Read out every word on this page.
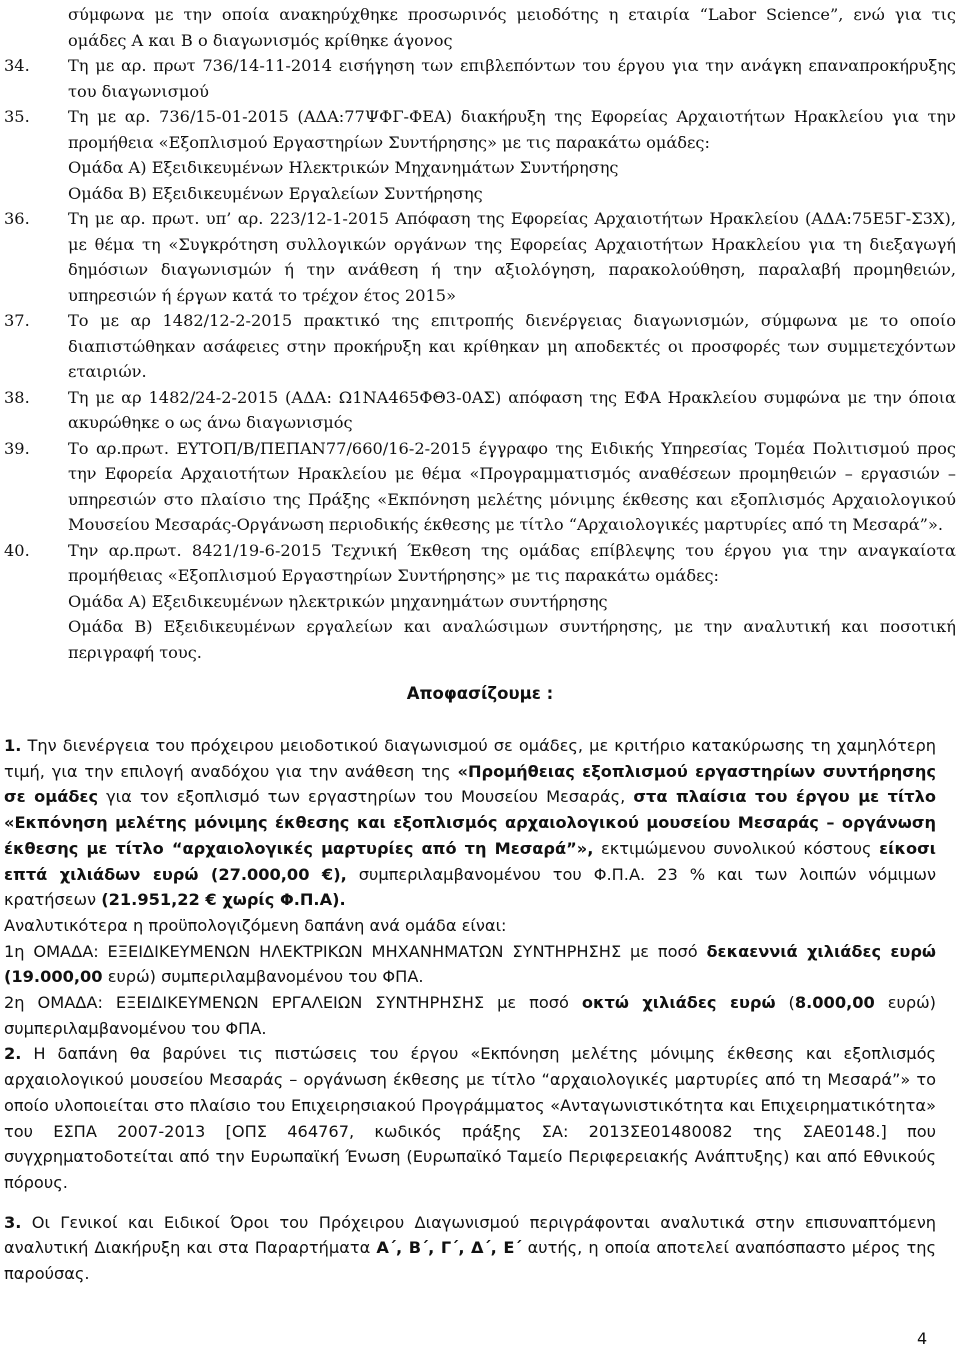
σύμφωνα με την οποία ανακηρύχθηκε προσωρινός μειοδότης η εταιρία “Labor Science”, ενώ για τις ομάδες Α και Β ο διαγωνισμός κρίθηκε άγονος
34.	Τη με αρ. πρωτ 736/14-11-2014 εισήγηση των επιβλεπόντων του έργου για την ανάγκη επαναπροκήρυξης του διαγωνισμού
35.	Τη με αρ. 736/15-01-2015 (ΑΔΑ:77ΨΦΓ-ΦΕΑ) διακήρυξη της Εφορείας Αρχαιοτήτων Ηρακλείου για την προμήθεια «Εξοπλισμού Εργαστηρίων Συντήρησης» με τις παρακάτω ομάδες:
Ομάδα Α) Εξειδικευμένων Ηλεκτρικών Μηχανημάτων Συντήρησης
Ομάδα Β) Εξειδικευμένων Εργαλείων Συντήρησης
36.	Τη με αρ. πρωτ. υπ’ αρ. 223/12-1-2015 Απόφαση της Εφορείας Αρχαιοτήτων Ηρακλείου (ΑΔΑ:75Ε5Γ-Σ3Χ), με θέμα τη «Συγκρότηση συλλογικών οργάνων της Εφορείας Αρχαιοτήτων Ηρακλείου για τη διεξαγωγή δημόσιων διαγωνισμών ή την ανάθεση ή την αξιολόγηση, παρακολούθηση, παραλαβή προμηθειών, υπηρεσιών ή έργων κατά το τρέχον έτος 2015»
37.	Το με αρ 1482/12-2-2015 πρακτικό της επιτροπής διενέργειας διαγωνισμών, σύμφωνα με το οποίο διαπιστώθηκαν ασάφειες στην προκήρυξη και κρίθηκαν μη αποδεκτές οι προσφορές των συμμετεχόντων εταιριών.
38.	Τη με αρ 1482/24-2-2015 (ΑΔΑ: Ω1ΝΑ465ΦΘ3-0ΑΣ) απόφαση της ΕΦΑ Ηρακλείου συμφώνα με την όποια ακυρώθηκε ο ως άνω διαγωνισμός
39.	Το αρ.πρωτ. ΕΥΤΟΠ/Β/ΠΕΠΑΝ77/660/16-2-2015 έγγραφο της Ειδικής Υπηρεσίας Τομέα Πολιτισμού προς την Εφορεία Αρχαιοτήτων Ηρακλείου με θέμα «Προγραμματισμός αναθέσεων προμηθειών – εργασιών – υπηρεσιών στο πλαίσιο της Πράξης «Εκπόνηση μελέτης μόνιμης έκθεσης και εξοπλισμός Αρχαιολογικού Μουσείου Μεσαράς-Οργάνωση περιοδικής έκθεσης με τίτλο “Αρχαιολογικές μαρτυρίες από τη Μεσαρά”».
40.	Την αρ.πρωτ. 8421/19-6-2015 Τεχνική Έκθεση της ομάδας επίβλεψης του έργου για την αναγκαίοτα προμήθειας «Εξοπλισμού Εργαστηρίων Συντήρησης» με τις παρακάτω ομάδες:
Ομάδα Α) Εξειδικευμένων ηλεκτρικών μηχανημάτων συντήρησης
Ομάδα Β) Εξειδικευμένων εργαλείων και αναλώσιμων συντήρησης, με την αναλυτική και ποσοτική περιγραφή τους.
Αποφασίζουμε :

1. Την διενέργεια του πρόχειρου μειοδοτικού διαγωνισμού σε ομάδες, με κριτήριο κατακύρωσης τη χαμηλότερη τιμή, για την επιλογή αναδόχου για την ανάθεση της «Προμήθειας εξοπλισμού εργαστηρίων συντήρησης σε ομάδες για τον εξοπλισμό των εργαστηρίων του Μουσείου Μεσαράς, στα πλαίσια του έργου με τίτλο «Εκπόνηση μελέτης μόνιμης έκθεσης και εξοπλισμός αρχαιολογικού μουσείου Μεσαράς – οργάνωση έκθεσης με τίτλο “αρχαιολογικές μαρτυρίες από τη Μεσαρά”», εκτιμώμενου συνολικού κόστους είκοσι επτά χιλιάδων ευρώ (27.000,00 €), συμπεριλαμβανομένου του Φ.Π.Α. 23 % και των λοιπών νόμιμων κρατήσεων (21.951,22 € χωρίς Φ.Π.Α).

Αναλυτικότερα η προϋπολογιζόμενη δαπάνη ανά ομάδα είναι:

1η ΟΜΑΔΑ: ΕΞΕΙΔΙΚΕΥΜΕΝΩΝ ΗΛΕΚΤΡΙΚΩΝ ΜΗΧΑΝΗΜΑΤΩΝ ΣΥΝΤΗΡΗΣΗΣ με ποσό δεκαεννιά χιλιάδες ευρώ (19.000,00 ευρώ) συμπεριλαμβανομένου του ΦΠΑ.

2η ΟΜΑΔΑ: ΕΞΕΙΔΙΚΕΥΜΕΝΩΝ ΕΡΓΑΛΕΙΩΝ ΣΥΝΤΗΡΗΣΗΣ με ποσό οκτώ χιλιάδες ευρώ (8.000,00 ευρώ) συμπεριλαμβανομένου του ΦΠΑ.

2. Η δαπάνη θα βαρύνει τις πιστώσεις του έργου «Εκπόνηση μελέτης μόνιμης έκθεσης και εξοπλισμός αρχαιολογικού μουσείου Μεσαράς – οργάνωση έκθεσης με τίτλο “αρχαιολογικές μαρτυρίες από τη Μεσαρά”» το οποίο υλοποιείται στο πλαίσιο του Επιχειρησιακού Προγράμματος «Ανταγωνιστικότητα και Επιχειρηματικότητα» του ΕΣΠΑ 2007-2013 [ΟΠΣ 464767, κωδικός πράξης ΣΑ: 2013ΣΕ01480082 της ΣΑΕ0148.] που συγχρηματοδοτείται από την Ευρωπαϊκή Ένωση (Ευρωπαϊκό Ταμείο Περιφερειακής Ανάπτυξης) και από Εθνικούς πόρους.

3. Οι Γενικοί και Ειδικοί Όροι του Πρόχειρου Διαγωνισμού περιγράφονται αναλυτικά στην επισυναπτόμενη αναλυτική Διακήρυξη και στα Παραρτήματα Α΄, Β΄, Γ΄, Δ΄, Ε΄ αυτής, η οποία αποτελεί αναπόσπαστο μέρος της παρούσας.

4
